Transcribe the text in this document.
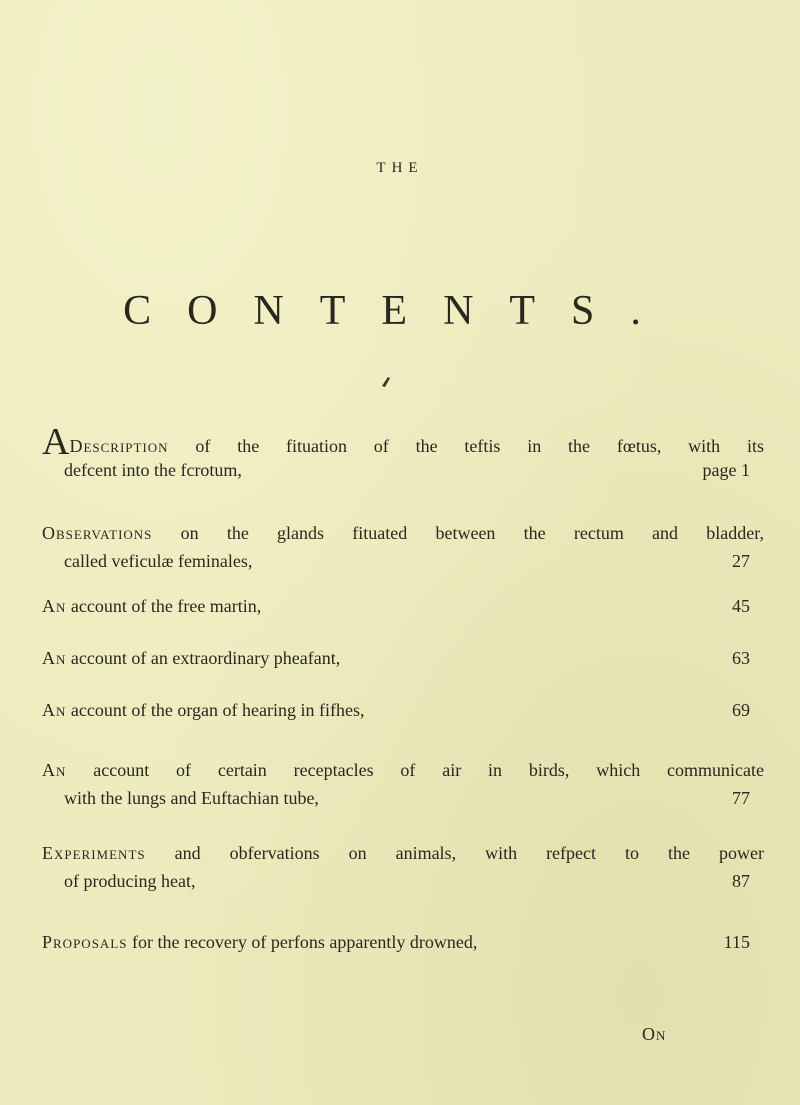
THE
CONTENTS.
ADescription of the fituation of the teftis in the fœtus, with its
defcent into the fcrotum,	page 1
Observations on the glands fituated between the rectum and bladder,
called veficulæ feminales,	27
An account of the free martin,	45
An account of an extraordinary pheafant,	63
An account of the organ of hearing in fifhes,	69
An account of certain receptacles of air in birds, which communicate
with the lungs and Euftachian tube,	77
Experiments and obfervations on animals, with refpect to the power
of producing heat,	87
Proposals for the recovery of perfons apparently drowned,	115
On
